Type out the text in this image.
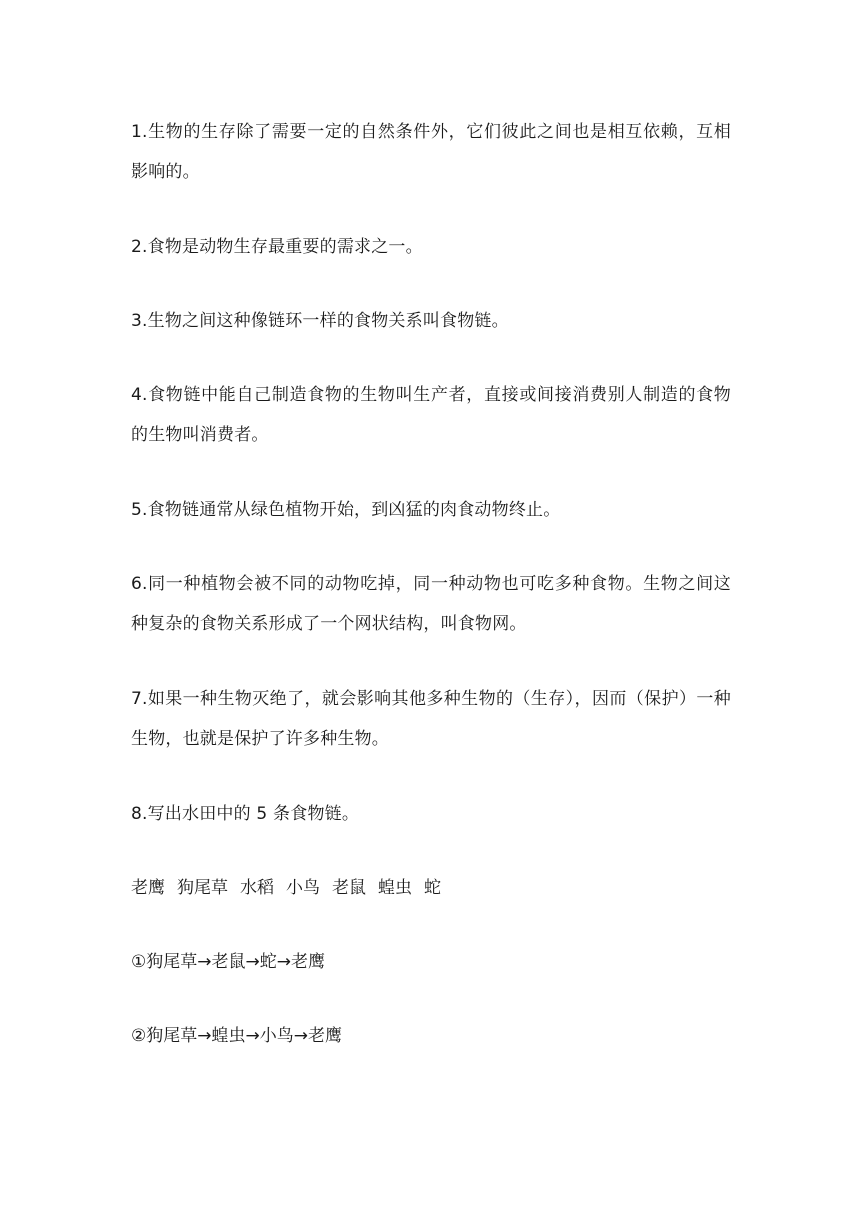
1.生物的生存除了需要一定的自然条件外，它们彼此之间也是相互依赖，互相影响的。

2.食物是动物生存最重要的需求之一。

3.生物之间这种像链环一样的食物关系叫食物链。

4.食物链中能自己制造食物的生物叫生产者，直接或间接消费别人制造的食物的生物叫消费者。

5.食物链通常从绿色植物开始，到凶猛的肉食动物终止。

6.同一种植物会被不同的动物吃掉，同一种动物也可吃多种食物。生物之间这种复杂的食物关系形成了一个网状结构，叫食物网。

7.如果一种生物灭绝了，就会影响其他多种生物的（生存），因而（保护）一种生物，也就是保护了许多种生物。

8.写出水田中的 5 条食物链。

老鹰 狗尾草 水稻 小鸟 老鼠 蝗虫 蛇
①狗尾草→老鼠→蛇→老鹰
②狗尾草→蝗虫→小鸟→老鹰
